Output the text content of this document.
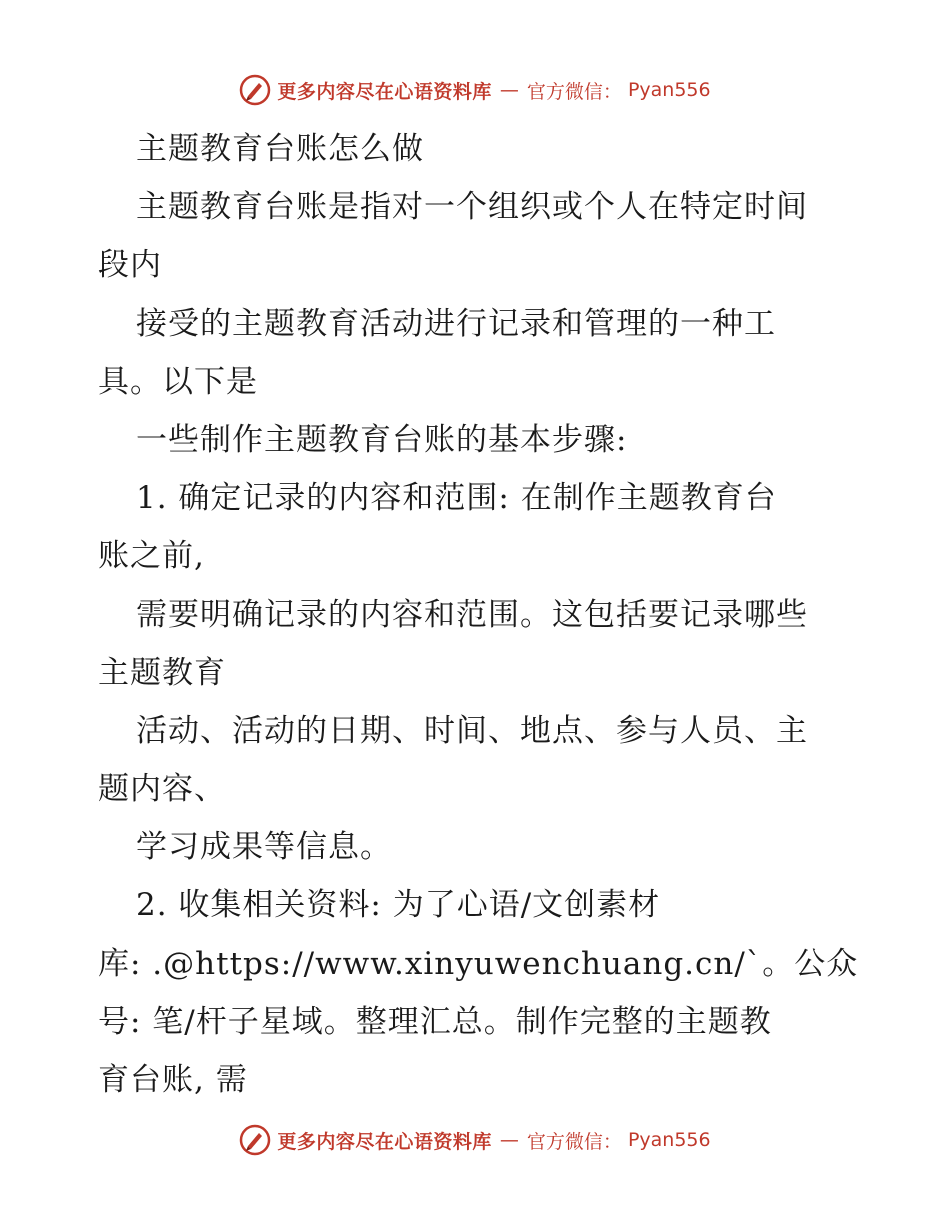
更多内容尽在心语资料库 — 官方微信： Pyan556
主题教育台账怎么做
主题教育台账是指对一个组织或个人在特定时间
段内
接受的主题教育活动进行记录和管理的一种工
具。以下是
一些制作主题教育台账的基本步骤:
1. 确定记录的内容和范围: 在制作主题教育台
账之前,
需要明确记录的内容和范围。这包括要记录哪些
主题教育
活动、活动的日期、时间、地点、参与人员、主
题内容、
学习成果等信息。
2. 收集相关资料: 为了心语/文创素材
库: .@https://www.xinyuwenchuang.cn/`。公众
号: 笔/杆子星域。整理汇总。制作完整的主题教
育台账, 需
更多内容尽在心语资料库 — 官方微信： Pyan556
